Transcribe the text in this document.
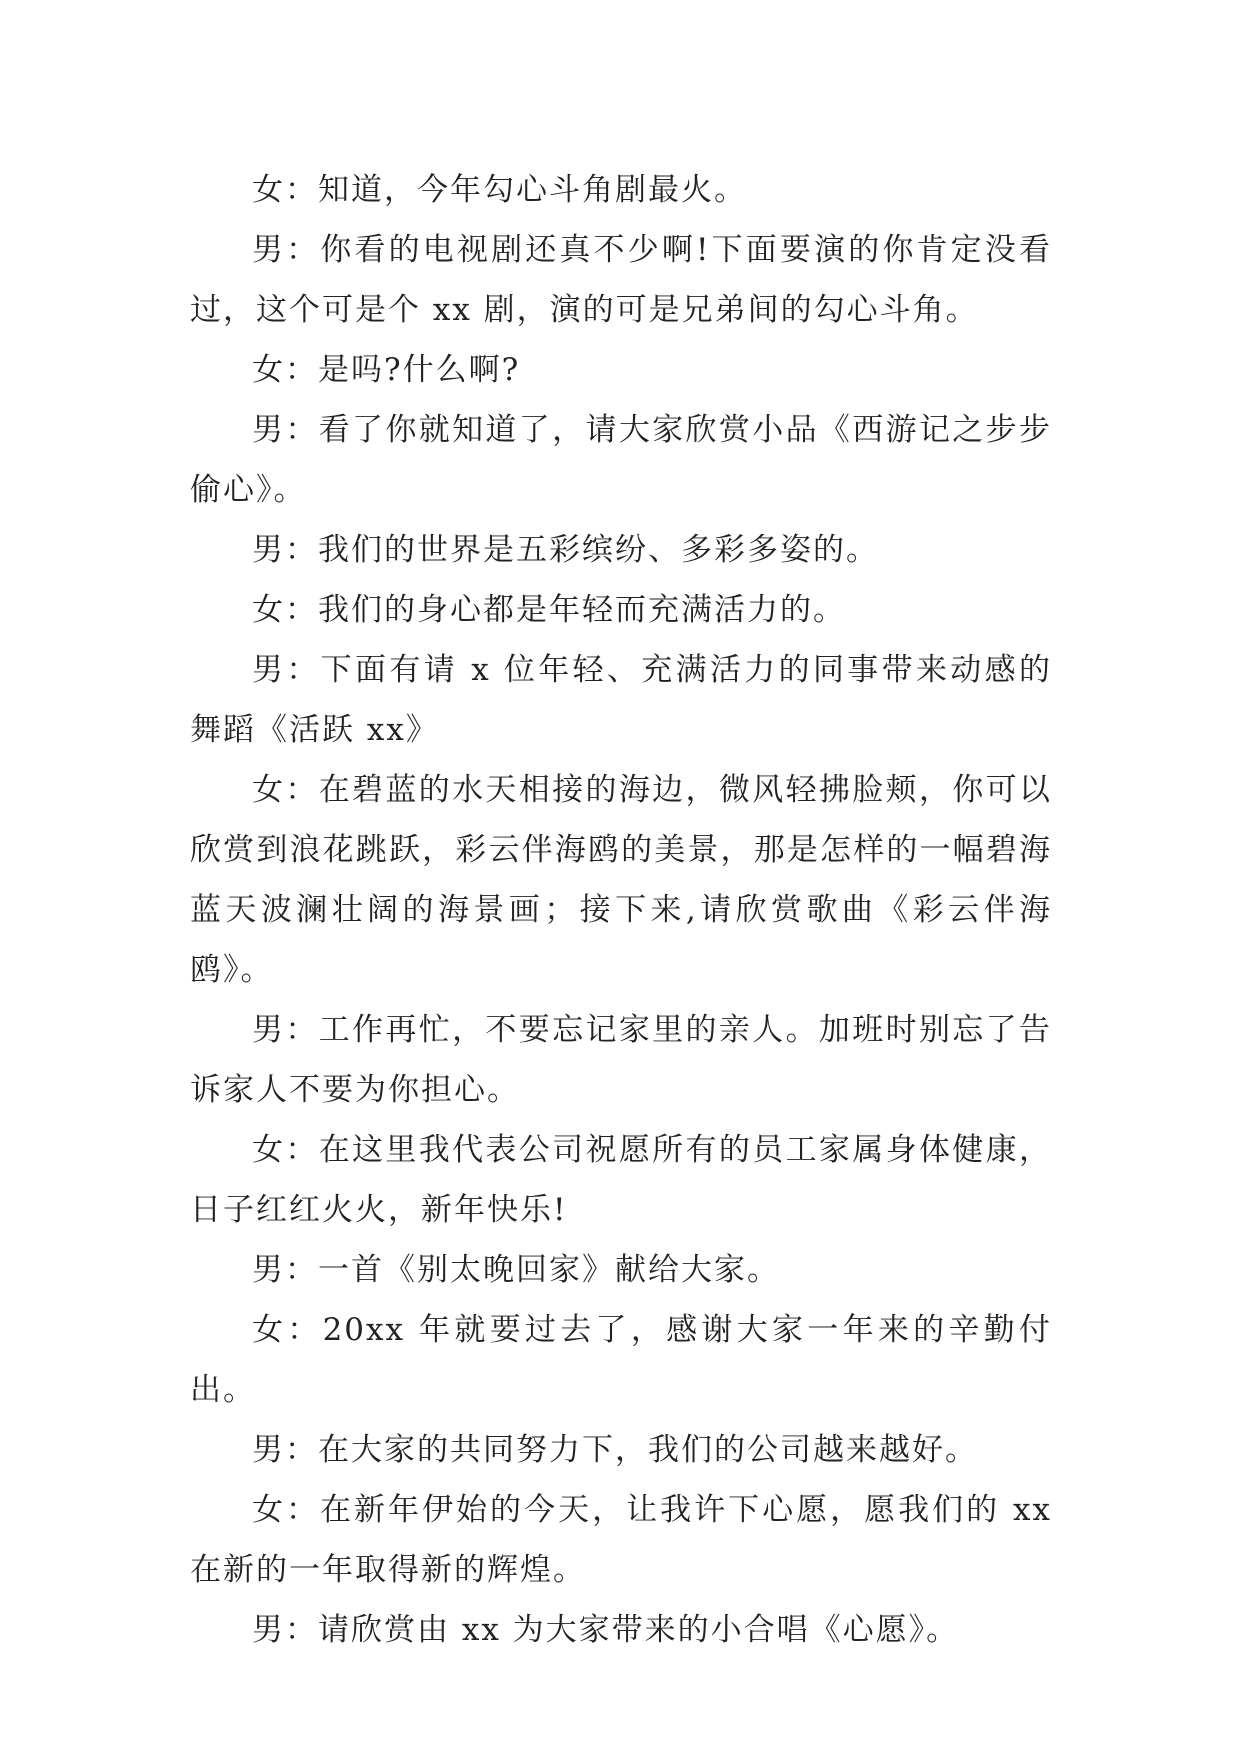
女：知道，今年勾心斗角剧最火。

男：你看的电视剧还真不少啊!下面要演的你肯定没看过，这个可是个 xx 剧，演的可是兄弟间的勾心斗角。

女：是吗?什么啊?

男：看了你就知道了，请大家欣赏小品《西游记之步步偷心》。

男：我们的世界是五彩缤纷、多彩多姿的。

女：我们的身心都是年轻而充满活力的。

男：下面有请 x 位年轻、充满活力的同事带来动感的舞蹈《活跃 xx》

女：在碧蓝的水天相接的海边，微风轻拂脸颊，你可以欣赏到浪花跳跃，彩云伴海鸥的美景，那是怎样的一幅碧海蓝天波澜壮阔的海景画；接下来,请欣赏歌曲《彩云伴海鸥》。

男：工作再忙，不要忘记家里的亲人。加班时别忘了告诉家人不要为你担心。

女：在这里我代表公司祝愿所有的员工家属身体健康，日子红红火火，新年快乐!

男：一首《别太晚回家》献给大家。

女：20xx 年就要过去了，感谢大家一年来的辛勤付出。

男：在大家的共同努力下，我们的公司越来越好。

女：在新年伊始的今天，让我许下心愿，愿我们的 xx 在新的一年取得新的辉煌。

男：请欣赏由 xx 为大家带来的小合唱《心愿》。
